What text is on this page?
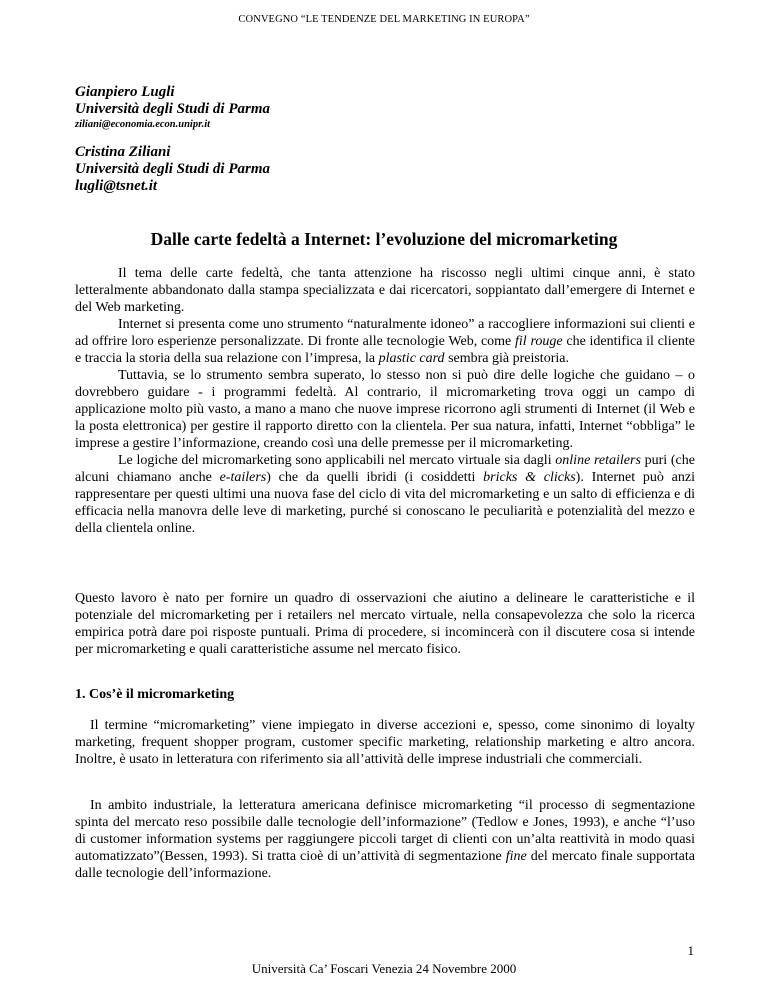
CONVEGNO “LE TENDENZE DEL MARKETING IN EUROPA”
Gianpiero Lugli
Università degli Studi di Parma
ziliani@economia.econ.unipr.it
Cristina Ziliani
Università degli Studi di Parma
lugli@tsnet.it
Dalle carte fedeltà a Internet: l’evoluzione del micromarketing

Il tema delle carte fedeltà, che tanta attenzione ha riscosso negli ultimi cinque anni, è stato letteralmente abbandonato dalla stampa specializzata e dai ricercatori, soppiantato dall’emergere di Internet e del Web marketing.

Internet si presenta come uno strumento “naturalmente idoneo” a raccogliere informazioni sui clienti e ad offrire loro esperienze personalizzate. Di fronte alle tecnologie Web, come fil rouge che identifica il cliente e traccia la storia della sua relazione con l’impresa, la plastic card sembra già preistoria.

Tuttavia, se lo strumento sembra superato, lo stesso non si può dire delle logiche che guidano – o dovrebbero guidare - i programmi fedeltà. Al contrario, il micromarketing trova oggi un campo di applicazione molto più vasto, a mano a mano che nuove imprese ricorrono agli strumenti di Internet (il Web e la posta elettronica) per gestire il rapporto diretto con la clientela. Per sua natura, infatti, Internet “obbliga” le imprese a gestire l’informazione, creando così una delle premesse per il micromarketing.

Le logiche del micromarketing sono applicabili nel mercato virtuale sia dagli online retailers puri (che alcuni chiamano anche e-tailers) che da quelli ibridi (i cosiddetti bricks & clicks). Internet può anzi rappresentare per questi ultimi una nuova fase del ciclo di vita del micromarketing e un salto di efficienza e di efficacia nella manovra delle leve di marketing, purché si conoscano le peculiarità e potenzialità del mezzo e della clientela online.

Questo lavoro è nato per fornire un quadro di osservazioni che aiutino a delineare le caratteristiche e il potenziale del micromarketing per i retailers nel mercato virtuale, nella consapevolezza che solo la ricerca empirica potrà dare poi risposte puntuali. Prima di procedere, si incomincerà con il discutere cosa si intende per micromarketing e quali caratteristiche assume nel mercato fisico.

1. Cos’è il micromarketing

Il termine “micromarketing” viene impiegato in diverse accezioni e, spesso, come sinonimo di loyalty marketing, frequent shopper program, customer specific marketing, relationship marketing e altro ancora. Inoltre, è usato in letteratura con riferimento sia all’attività delle imprese industriali che commerciali.

In ambito industriale, la letteratura americana definisce micromarketing “il processo di segmentazione spinta del mercato reso possibile dalle tecnologie dell’informazione” (Tedlow e Jones, 1993), e anche “l’uso di customer information systems per raggiungere piccoli target di clienti con un’alta reattività in modo quasi automatizzato”(Bessen, 1993). Si tratta cioè di un’attività di segmentazione fine del mercato finale supportata dalle tecnologie dell’informazione.

1
Università Ca’ Foscari Venezia 24 Novembre 2000
